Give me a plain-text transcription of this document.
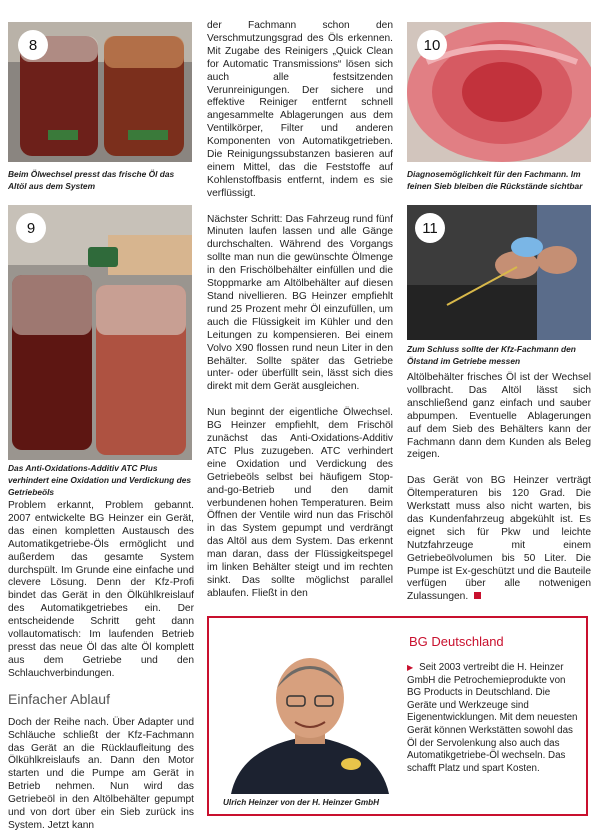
8

Beim Ölwechsel presst das frische Öl das Altöl aus dem System

9

Das Anti-Oxidations-Additiv ATC Plus verhindert eine Oxidation und Verdickung des Getriebeöls

10

Diagnosemöglichkeit für den Fachmann. Im feinen Sieb bleiben die Rückstände sichtbar

11

Zum Schluss sollte der Kfz-Fachmann den Ölstand im Getriebe messen

Problem erkannt, Problem gebannt. 2007 entwickelte BG Heinzer ein Gerät, das einen kompletten Austausch des Automatikgetriebe-Öls ermöglicht und außerdem das gesamte System durchspült. Im Grunde eine einfache und clevere Lösung. Denn der Kfz-Profi bindet das Gerät in den Ölkühlkreislauf des Automatikgetriebes ein. Der entscheidende Schritt geht dann vollautomatisch: Im laufenden Betrieb presst das neue Öl das alte Öl komplett aus dem Getriebe und den Schlauchverbindungen.

Einfacher Ablauf

Doch der Reihe nach. Über Adapter und Schläuche schließt der Kfz-Fachmann das Gerät an die Rücklaufleitung des Ölkühlkreislaufs an. Dann den Motor starten und die Pumpe am Gerät in Betrieb nehmen. Nun wird das Getriebeöl in den Altölbehälter gepumpt und von dort über ein Sieb zurück ins System. Jetzt kann

der Fachmann schon den Verschmutzungsgrad des Öls erkennen. Mit Zugabe des Reinigers „Quick Clean for Automatic Transmissions“ lösen sich auch alle festsitzenden Verunreinigungen. Der sichere und effektive Reiniger entfernt schnell angesammelte Ablagerungen aus dem Ventilkörper, Filter und anderen Komponenten von Automatikgetrieben. Die Reinigungssubstanzen basieren auf einem Mittel, das die Feststoffe auf Kohlenstoffbasis entfernt, indem es sie verflüssigt.

Nächster Schritt: Das Fahrzeug rund fünf Minuten laufen lassen und alle Gänge durchschalten. Während des Vorgangs sollte man nun die gewünschte Ölmenge in den Frischölbehälter einfüllen und die Stoppmarke am Altölbehälter auf diesen Stand nivellieren. BG Heinzer empfiehlt rund 25 Prozent mehr Öl einzufüllen, um auch die Flüssigkeit im Kühler und den Leitungen zu kompensieren. Bei einem Volvo X90 flossen rund neun Liter in den Behälter. Sollte später das Getriebe unter- oder überfüllt sein, lässt sich dies direkt mit dem Gerät ausgleichen.

Nun beginnt der eigentliche Ölwechsel. BG Heinzer empfiehlt, dem Frischöl zunächst das Anti-Oxidations-Additiv ATC Plus zuzugeben. ATC verhindert eine Oxidation und Verdickung des Getriebeöls selbst bei häufigem Stop-and-go-Betrieb und den damit verbundenen hohen Temperaturen. Beim Öffnen der Ventile wird nun das Frischöl in das System gepumpt und verdrängt das Altöl aus dem System. Das erkennt man daran, dass der Flüssigkeitspegel im linken Behälter steigt und im rechten sinkt. Das sollte möglichst parallel ablaufen. Fließt in den

Altölbehälter frisches Öl ist der Wechsel vollbracht. Das Altöl lässt sich anschließend ganz einfach und sauber abpumpen. Eventuelle Ablagerungen auf dem Sieb des Behälters kann der Fachmann dann dem Kunden als Beleg zeigen.

Das Gerät von BG Heinzer verträgt Öltemperaturen bis 120 Grad. Die Werkstatt muss also nicht warten, bis das Kundenfahrzeug abgekühlt ist. Es eignet sich für Pkw und leichte Nutzfahrzeuge mit einem Getriebeölvolumen bis 50 Liter. Die Pumpe ist Ex-geschützt und die Bauteile verfügen über alle notwenigen Zulassungen.

Ulrich Heinzer von der H. Heinzer GmbH
BG Deutschland
▶ Seit 2003 vertreibt die H. Heinzer GmbH die Petrochemieprodukte von BG Products in Deutschland. Die Geräte und Werkzeuge sind Eigenentwicklungen. Mit dem neuesten Gerät können Werkstätten sowohl das Öl der Servolenkung also auch das Automatikgetriebe-Öl wechseln. Das schafft Platz und spart Kosten.
